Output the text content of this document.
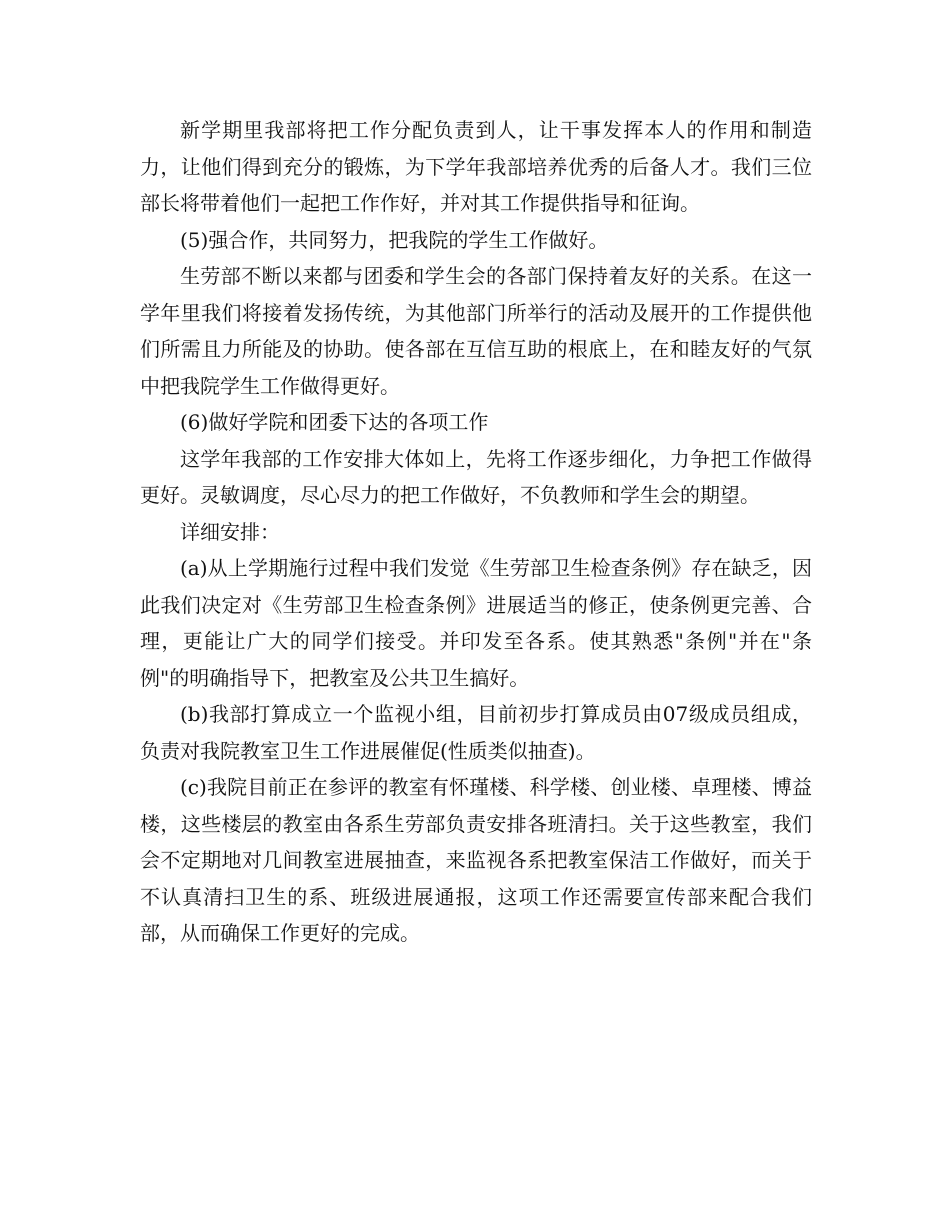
新学期里我部将把工作分配负责到人，让干事发挥本人的作用和制造力，让他们得到充分的锻炼，为下学年我部培养优秀的后备人才。我们三位部长将带着他们一起把工作作好，并对其工作提供指导和征询。

(5)强合作，共同努力，把我院的学生工作做好。

生劳部不断以来都与团委和学生会的各部门保持着友好的关系。在这一学年里我们将接着发扬传统，为其他部门所举行的活动及展开的工作提供他们所需且力所能及的协助。使各部在互信互助的根底上，在和睦友好的气氛中把我院学生工作做得更好。

(6)做好学院和团委下达的各项工作

这学年我部的工作安排大体如上，先将工作逐步细化，力争把工作做得更好。灵敏调度，尽心尽力的把工作做好，不负教师和学生会的期望。

详细安排：

(a)从上学期施行过程中我们发觉《生劳部卫生检查条例》存在缺乏，因此我们决定对《生劳部卫生检查条例》进展适当的修正，使条例更完善、合理，更能让广大的同学们接受。并印发至各系。使其熟悉"条例"并在"条例"的明确指导下，把教室及公共卫生搞好。

(b)我部打算成立一个监视小组，目前初步打算成员由07级成员组成，负责对我院教室卫生工作进展催促(性质类似抽查)。

(c)我院目前正在参评的教室有怀瑾楼、科学楼、创业楼、卓理楼、博益楼，这些楼层的教室由各系生劳部负责安排各班清扫。关于这些教室，我们会不定期地对几间教室进展抽查，来监视各系把教室保洁工作做好，而关于不认真清扫卫生的系、班级进展通报，这项工作还需要宣传部来配合我们部，从而确保工作更好的完成。
